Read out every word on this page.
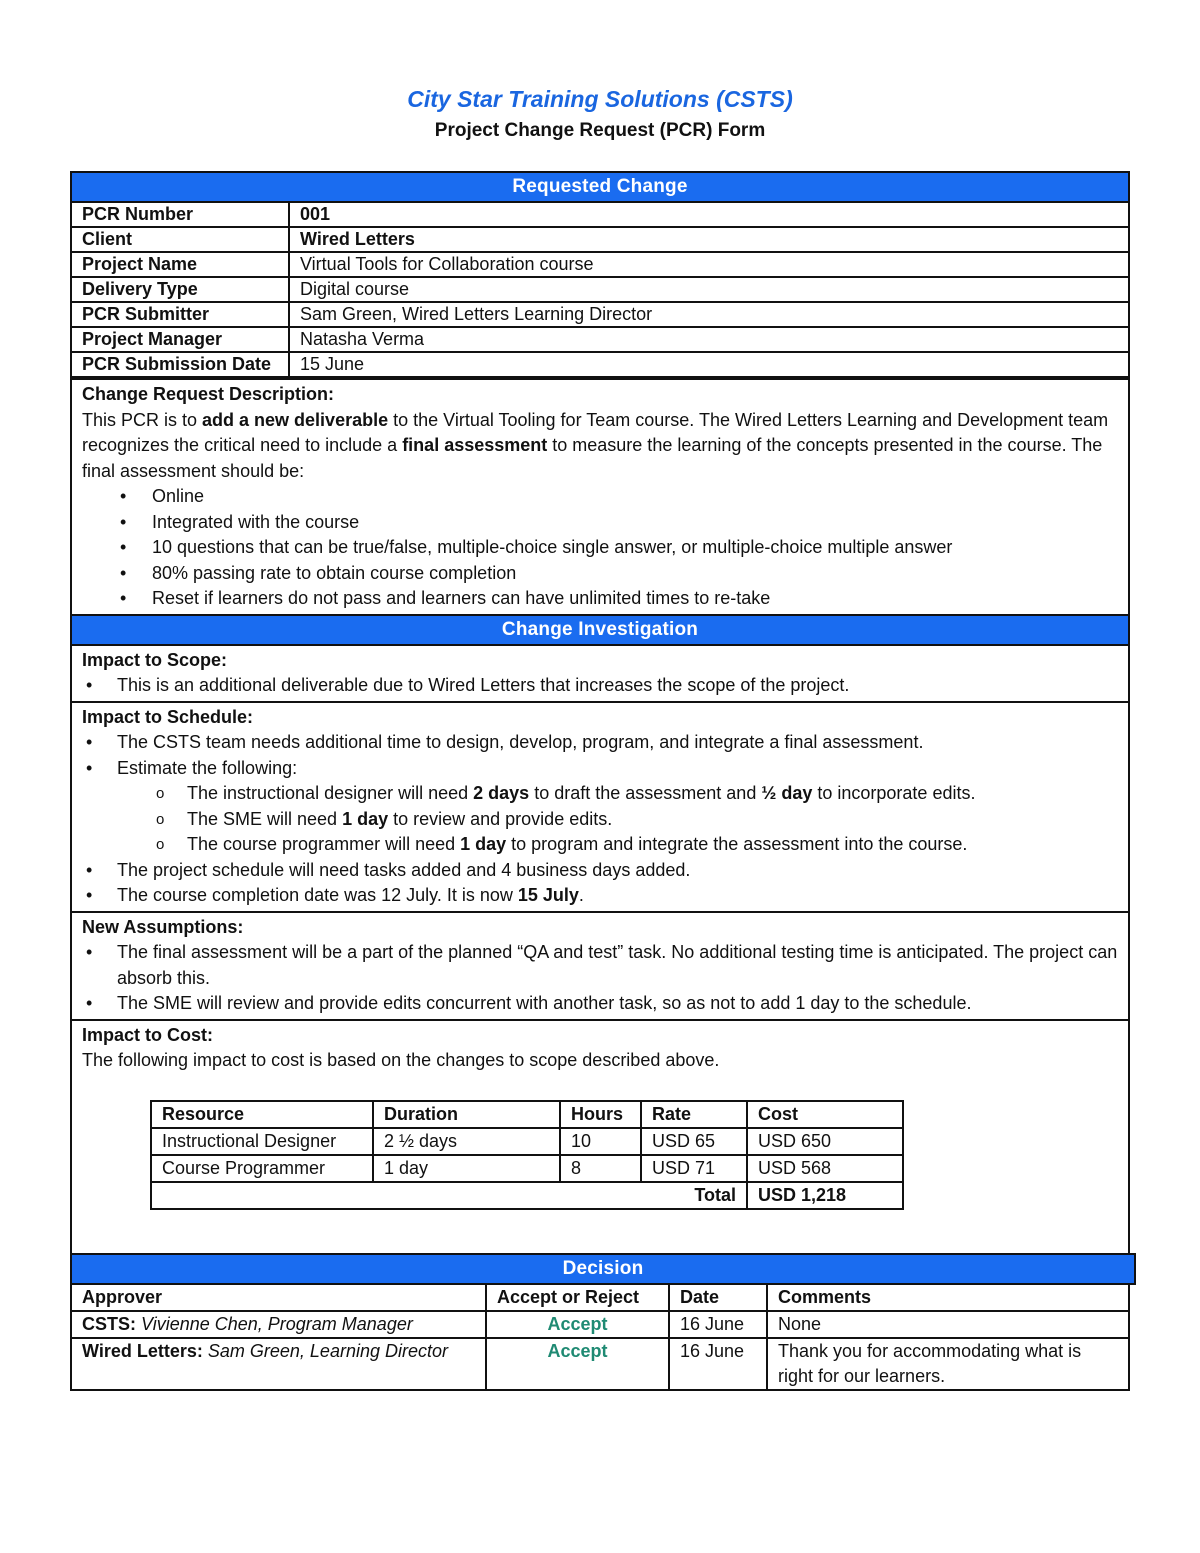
City Star Training Solutions (CSTS)
Project Change Request (PCR) Form
Requested Change
PCR Number	001
Client	Wired Letters
Project Name	Virtual Tools for Collaboration course
Delivery Type	Digital course
PCR Submitter	Sam Green, Wired Letters Learning Director
Project Manager	Natasha Verma
PCR Submission Date	15 June
Change Request Description:
This PCR is to add a new deliverable to the Virtual Tooling for Team course. The Wired Letters Learning and Development team recognizes the critical need to include a final assessment to measure the learning of the concepts presented in the course. The final assessment should be:
• Online
• Integrated with the course
• 10 questions that can be true/false, multiple-choice single answer, or multiple-choice multiple answer
• 80% passing rate to obtain course completion
• Reset if learners do not pass and learners can have unlimited times to re-take
Change Investigation
Impact to Scope:
• This is an additional deliverable due to Wired Letters that increases the scope of the project.
Impact to Schedule:
• The CSTS team needs additional time to design, develop, program, and integrate a final assessment.
• Estimate the following:
o The instructional designer will need 2 days to draft the assessment and ½ day to incorporate edits.
o The SME will need 1 day to review and provide edits.
o The course programmer will need 1 day to program and integrate the assessment into the course.
• The project schedule will need tasks added and 4 business days added.
• The course completion date was 12 July. It is now 15 July.
New Assumptions:
• The final assessment will be a part of the planned “QA and test” task. No additional testing time is anticipated. The project can absorb this.
• The SME will review and provide edits concurrent with another task, so as not to add 1 day to the schedule.
Impact to Cost:
The following impact to cost is based on the changes to scope described above.
Resource	Duration	Hours	Rate	Cost
Instructional Designer	2 ½ days	10	USD 65	USD 650
Course Programmer	1 day	8	USD 71	USD 568
Total				USD 1,218
Decision
Approver	Accept or Reject	Date	Comments
CSTS: Vivienne Chen, Program Manager	Accept	16 June	None
Wired Letters: Sam Green, Learning Director	Accept	16 June	Thank you for accommodating what is right for our learners.
